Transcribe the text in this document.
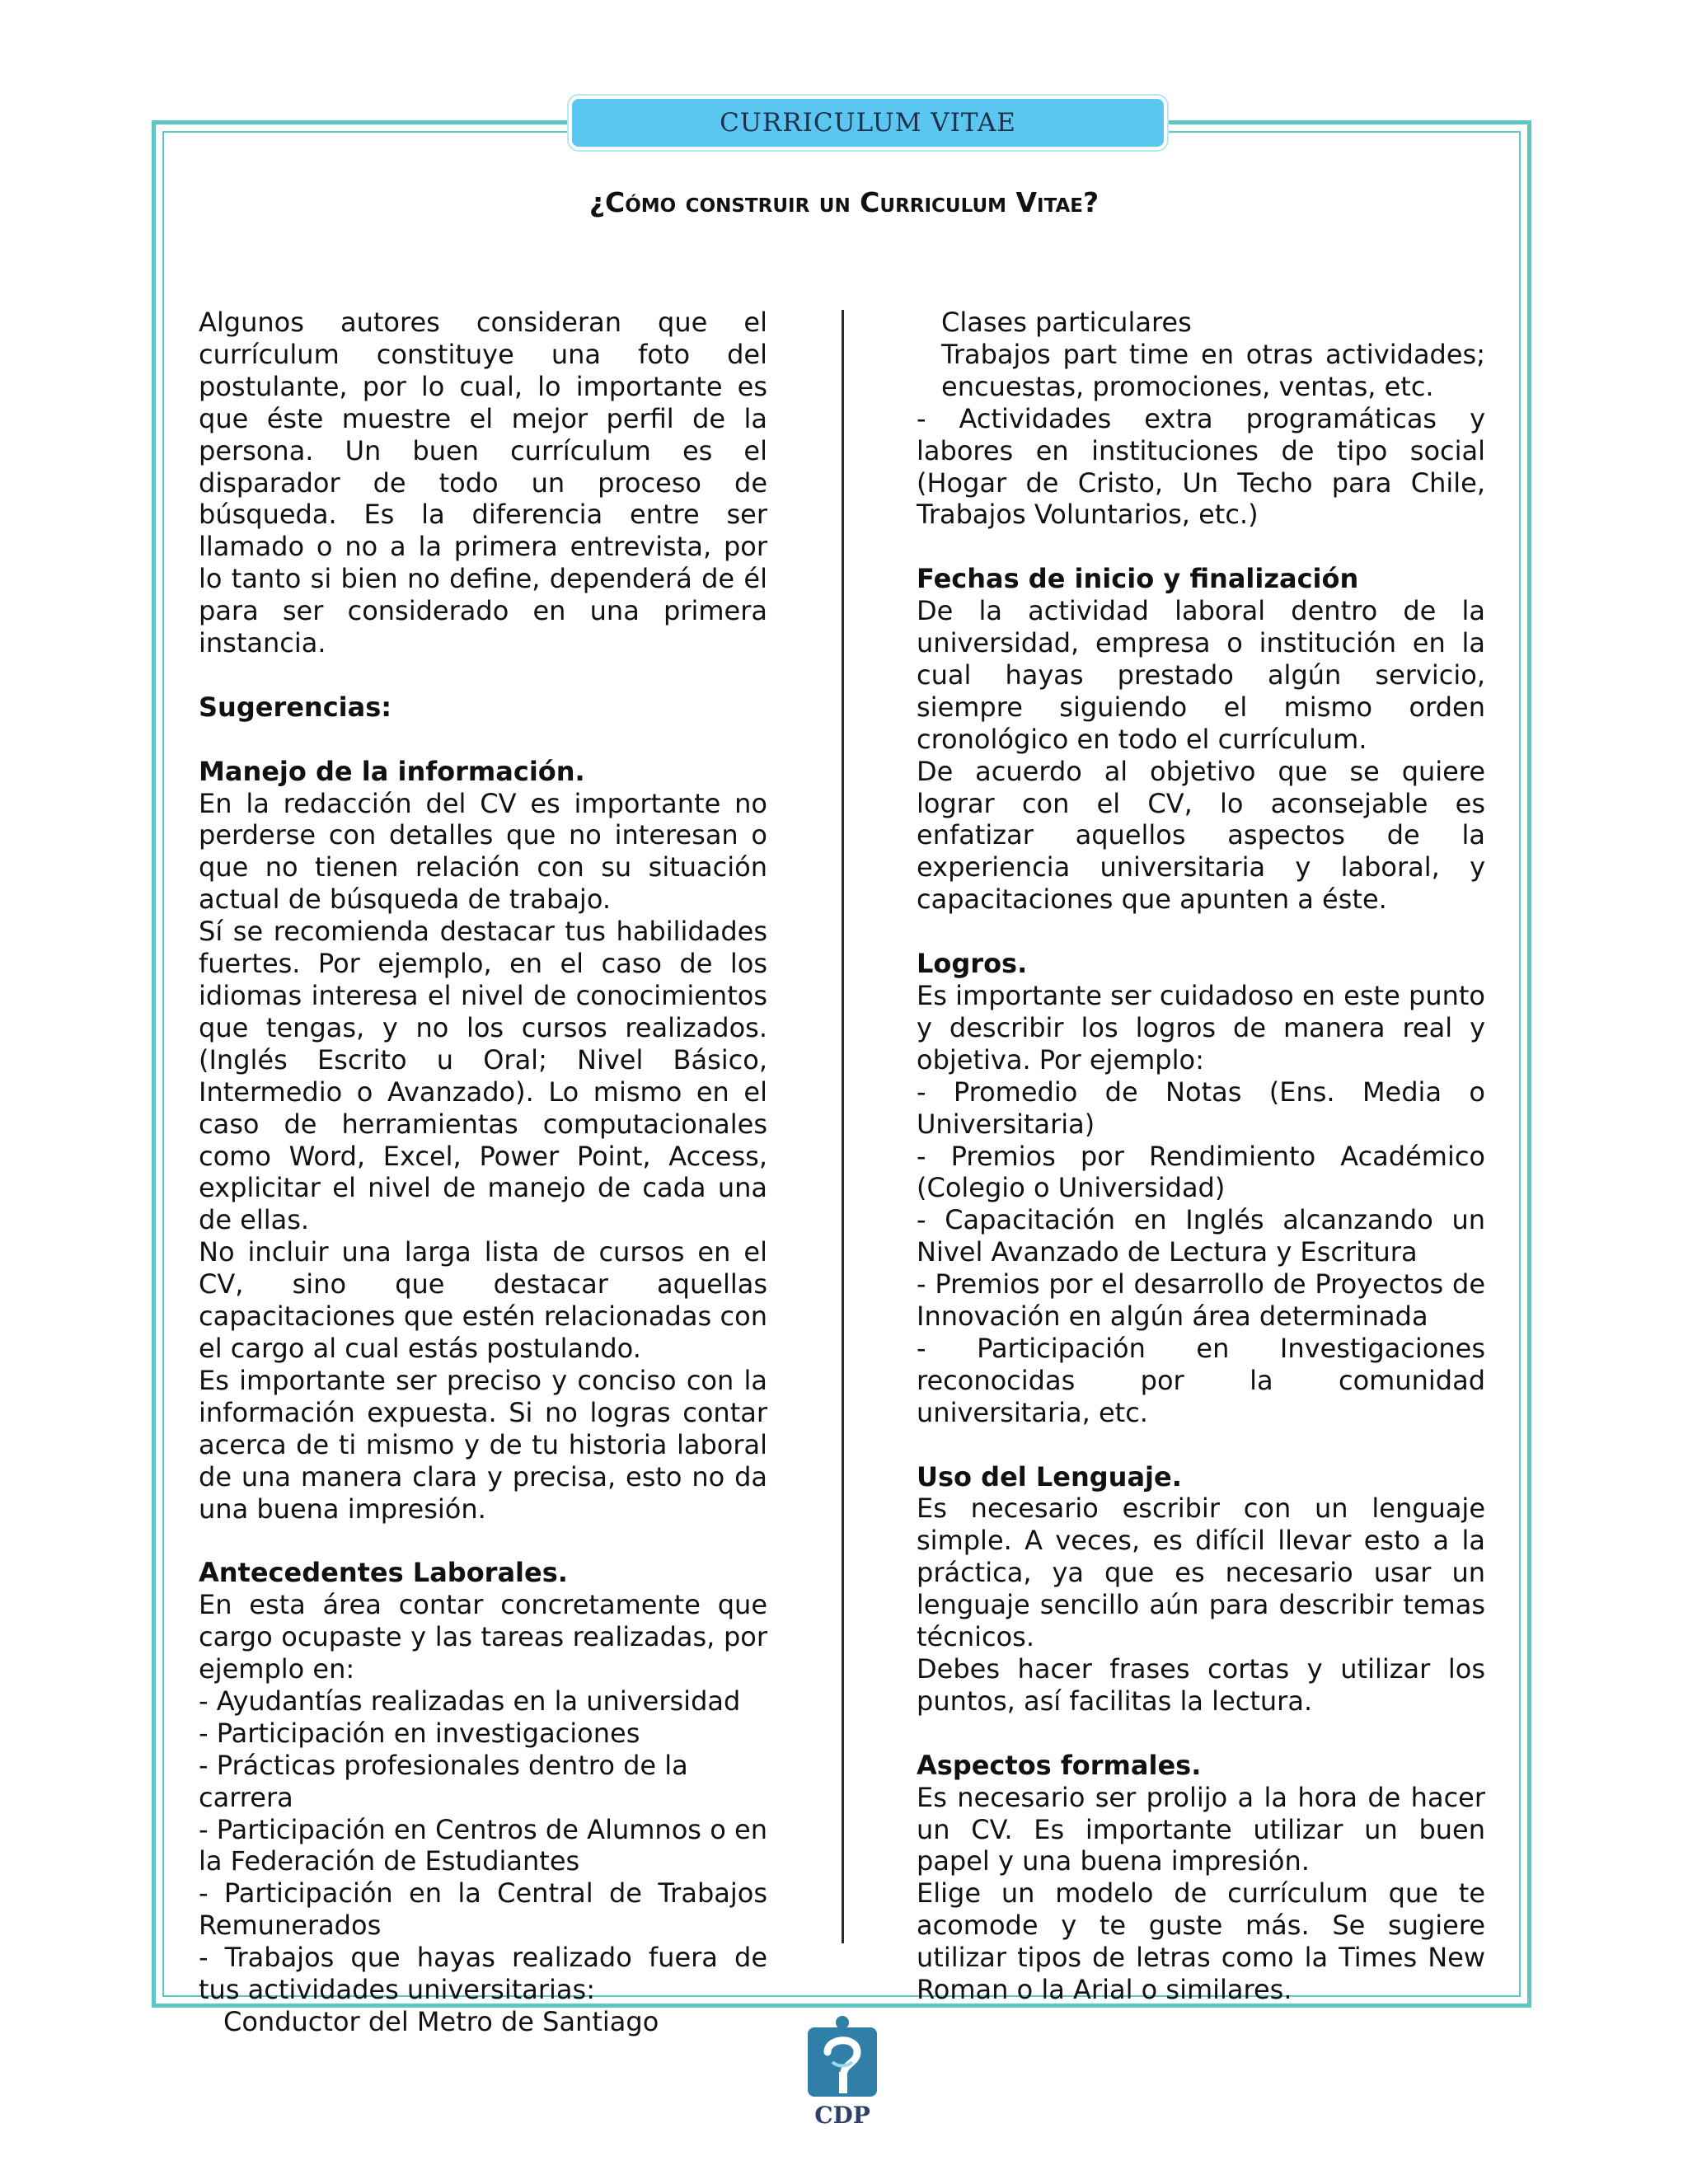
CURRICULUM VITAE
¿Cómo construir un Curriculum Vitae?

Algunos autores consideran que el currículum constituye una foto del postulante, por lo cual, lo importante es que éste muestre el mejor perfil de la persona. Un buen currículum es el disparador de todo un proceso de búsqueda. Es la diferencia entre ser llamado o no a la primera entrevista, por lo tanto si bien no define, dependerá de él para ser considerado en una primera instancia.

Sugerencias:

Manejo de la información.

En la redacción del CV es importante no perderse con detalles que no interesan o que no tienen relación con su situación actual de búsqueda de trabajo.

Sí se recomienda destacar tus habilidades fuertes. Por ejemplo, en el caso de los idiomas interesa el nivel de conocimientos que tengas, y no los cursos realizados. (Inglés Escrito u Oral; Nivel Básico, Intermedio o Avanzado). Lo mismo en el caso de herramientas computacionales como Word, Excel, Power Point, Access, explicitar el nivel de manejo de cada una de ellas.

No incluir una larga lista de cursos en el CV, sino que destacar aquellas capacitaciones que estén relacionadas con el cargo al cual estás postulando.

Es importante ser preciso y conciso con la información expuesta. Si no logras contar acerca de ti mismo y de tu historia laboral de una manera clara y precisa, esto no da una buena impresión.

Antecedentes Laborales.

En esta área contar concretamente que cargo ocupaste y las tareas realizadas, por ejemplo en:

- Ayudantías realizadas en la universidad

- Participación en investigaciones

- Prácticas profesionales dentro de la carrera

- Participación en Centros de Alumnos o en la Federación de Estudiantes

- Participación en la Central de Trabajos Remunerados

- Trabajos que hayas realizado fuera de tus actividades universitarias:

Conductor del Metro de Santiago

Clases particulares

Trabajos part time en otras actividades; encuestas, promociones, ventas, etc.

- Actividades extra programáticas y labores en instituciones de tipo social (Hogar de Cristo, Un Techo para Chile, Trabajos Voluntarios, etc.)

Fechas de inicio y finalización

De la actividad laboral dentro de la universidad, empresa o institución en la cual hayas prestado algún servicio, siempre siguiendo el mismo orden cronológico en todo el currículum.

De acuerdo al objetivo que se quiere lograr con el CV, lo aconsejable es enfatizar aquellos aspectos de la experiencia universitaria y laboral, y capacitaciones que apunten a éste.

Logros.

Es importante ser cuidadoso en este punto y describir los logros de manera real y objetiva. Por ejemplo:

- Promedio de Notas (Ens. Media o Universitaria)

- Premios por Rendimiento Académico (Colegio o Universidad)

- Capacitación en Inglés alcanzando un Nivel Avanzado de Lectura y Escritura

- Premios por el desarrollo de Proyectos de Innovación en algún área determinada

- Participación en Investigaciones reconocidas por la comunidad universitaria, etc.

Uso del Lenguaje.

Es necesario escribir con un lenguaje simple. A veces, es difícil llevar esto a la práctica, ya que es necesario usar un lenguaje sencillo aún para describir temas técnicos.

Debes hacer frases cortas y utilizar los puntos, así facilitas la lectura.

Aspectos formales.

Es necesario ser prolijo a la hora de hacer un CV. Es importante utilizar un buen papel y una buena impresión.

Elige un modelo de currículum que te acomode y te guste más. Se sugiere utilizar tipos de letras como la Times New Roman o la Arial o similares.

CDP
